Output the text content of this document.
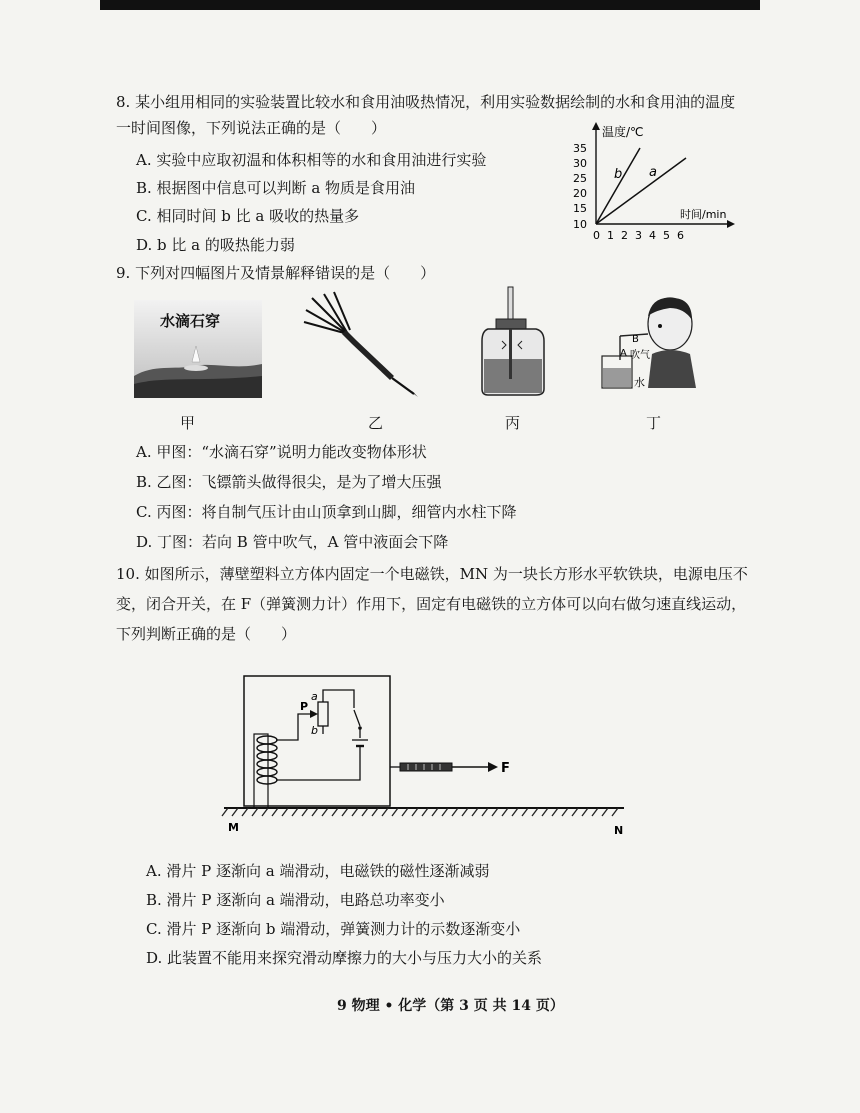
8. 某小组用相同的实验装置比较水和食用油吸热情况，利用实验数据绘制的水和食用油的温度
一时间图像，下列说法正确的是（　　）
A. 实验中应取初温和体积相等的水和食用油进行实验
B. 根据图中信息可以判断 a 物质是食用油
C. 相同时间 b 比 a 吸收的热量多
D. b 比 a 的吸热能力弱
温度/℃
时间/min
35
30
25
20
15
10
0 1 2 3 4 5 6
b a
9. 下列对四幅图片及情景解释错误的是（　　）
水滴石穿
B
A 吹气
水
甲	乙	丙	丁
A. 甲图：“水滴石穿”说明力能改变物体形状
B. 乙图：飞镖箭头做得很尖，是为了增大压强
C. 丙图：将自制气压计由山顶拿到山脚，细管内水柱下降
D. 丁图：若向 B 管中吹气，A 管中液面会下降
10. 如图所示，薄壁塑料立方体内固定一个电磁铁，MN 为一块长方形水平软铁块，电源电压不
变，闭合开关，在 F（弹簧测力计）作用下，固定有电磁铁的立方体可以向右做匀速直线运动，
下列判断正确的是（　　）
P
a
b
F
M	N
A. 滑片 P 逐渐向 a 端滑动，电磁铁的磁性逐渐减弱
B. 滑片 P 逐渐向 a 端滑动，电路总功率变小
C. 滑片 P 逐渐向 b 端滑动，弹簧测力计的示数逐渐变小
D. 此装置不能用来探究滑动摩擦力的大小与压力大小的关系
9 物理 • 化学（第 3 页 共 14 页）
